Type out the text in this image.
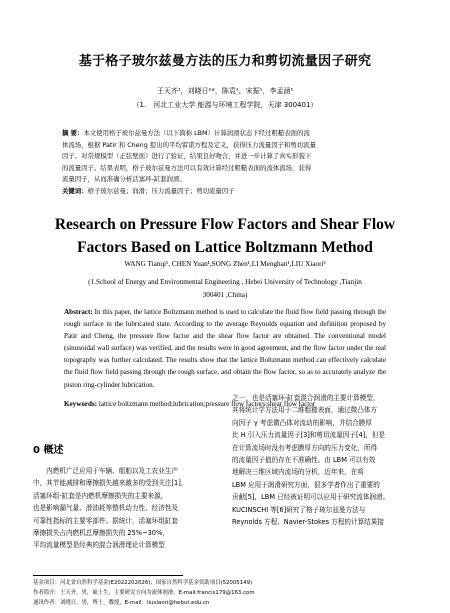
基于格子玻尔兹曼方法的压力和剪切流量因子研究
王天齐¹，刘晓日²*，陈袁¹，宋振¹，李孟涵¹
（1.　河北工业大学 能源与环境工程学院，天津 300401）
摘 要：本文使用格子玻尔兹曼方法（以下简称 LBM）计算润滑状态下经过粗糙表面的流
体流场，根据 Patir 和 Cheng 提出的平均雷诺方程及定义，获得压力流量因子和剪切流量
因子。对常规模型（正弦壁面）进行了验证，结果良好吻合，并进一步计算了真实形貌下
的流量因子。结果表明，格子玻尔兹曼方法可以有效计算经过粗糙表面的流体流场，获得
流量因子，从而准确分析活塞环-缸套润滑。
关键词：格子玻尔兹曼；润滑；压力流量因子；剪切流量因子
Research on Pressure Flow Factors and Shear Flow
Factors Based on Lattice Boltzmann Method
WANG Tianqi¹, CHEN Yuan¹,SONG Zhen¹,LI Menghan¹,LIU Xiaori²
(1.School of Energy and Environmental Engineering , Hebei University of Technology ,Tianjin
300401 ,China)
Abstract: In this paper, the lattice Boltzmann method is used to calculate the fluid flow field passing through the rough surface in the lubricated state. According to the average Reynolds equation and definition proposed by Patir and Cheng, the pressure flow factor and the shear flow factor are obtained. The conventional model (sinusoidal wall surface) was verified, and the results were in good agreement, and the flow factor under the real topography was further calculated. The results show that the lattice Boltzmann method can effectively calculate the fluid flow field passing through the rough surface, and obtain the flow factor, so as to accurately analyze the piston ring-cylinder lubrication.
Keywords: lattice boltzmann method;lubrication;pressure flow factors;shear flow factor
0 概述
　　内燃机广泛应用于车辆、船舶以及工农业生产
中，其节能减排和摩擦损失越来越多的受到关注[1]，
活塞环组-缸套是内燃机摩擦损失的主要来源，
也是影响漏气量、滑油耗等整机动力性、经济性及
可靠性指标的主要零部件。据统计，活塞环组缸套
摩擦损失占内燃机总摩擦损失的 25%~30%，
平均流量模型是经典的混合润滑理论计算模型
之一，也是活塞环-缸套混合润滑的主要计算模型，
其将统计学方法用于二维粗糙表面，通过微凸体方
向因子 γ 考虑微凸体对流动的影响，并结合膜厚
比 H 引入压力流量因子[3]和剪切流量因子[4]，但是
在计算流场时没有考虑膜厚方向的压力变化，所得
的流量因子值仍存在不准确性。由 LBM 可以有效
地解决三维区域内流场的分析，近年来，在将
LBM 应用于润滑研究方面，很多学者作出了重要的
贡献[5]，LBM 已经被证明可以应用于研究流体润滑。
KUCINSCHI 等[6]研究了格子玻尔兹曼方法与
Reynolds 方程、Navier-Stokes 方程的计算结果接
基金项目：河北省自然科学基金(E2022202026)；国家自然科学基金资助项目(52005149)
作者简介：王天齐，男，硕士生，主要研究方向为流体润滑，E-mail:francis179@163.com
通讯作者：刘晓日，男，博士，教授，E-mail：liuxiaori@hebut.edu.cn
